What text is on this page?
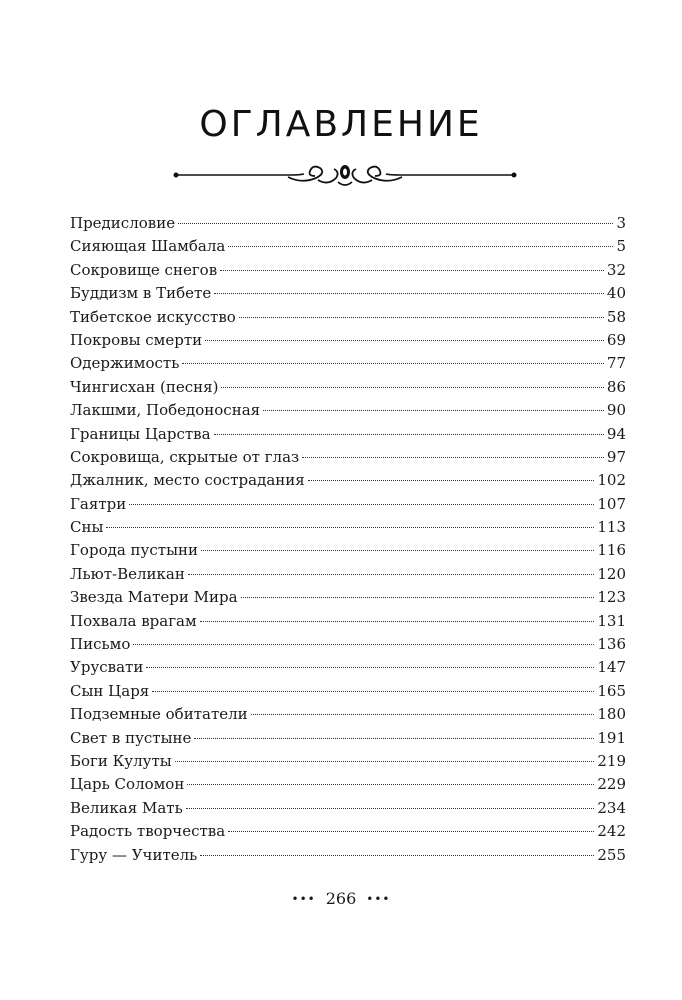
ОГЛАВЛЕНИЕ
Предисловие	3
Сияющая Шамбала	5
Сокровище снегов	32
Буддизм в Тибете	40
Тибетское искусство	58
Покровы смерти	69
Одержимость	77
Чингисхан (песня)	86
Лакшми, Победоносная	90
Границы Царства	94
Сокровища, скрытые от глаз	97
Джалник, место сострадания	102
Гаятри	107
Сны	113
Города пустыни	116
Льют-Великан	120
Звезда Матери Мира	123
Похвала врагам	131
Письмо	136
Урусвати	147
Сын Царя	165
Подземные обитатели	180
Свет в пустыне	191
Боги Кулуты	219
Царь Соломон	229
Великая Мать	234
Радость творчества	242
Гуру — Учитель	255
••• 266 •••
